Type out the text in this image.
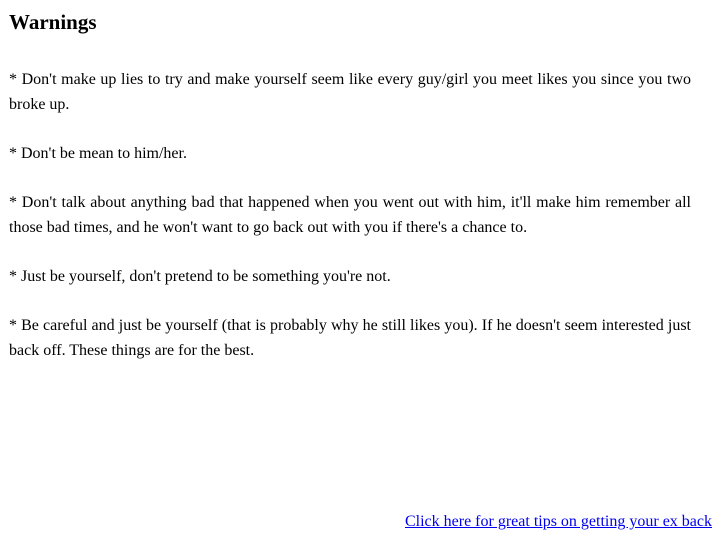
Warnings

* Don't make up lies to try and make yourself seem like every guy/girl you meet likes you since you two broke up.

* Don't be mean to him/her.

* Don't talk about anything bad that happened when you went out with him, it'll make him remember all those bad times, and he won't want to go back out with you if there's a chance to.

* Just be yourself, don't pretend to be something you're not.

* Be careful and just be yourself (that is probably why he still likes you). If he doesn't seem interested just back off. These things are for the best.

Click here for great tips on getting your ex back
